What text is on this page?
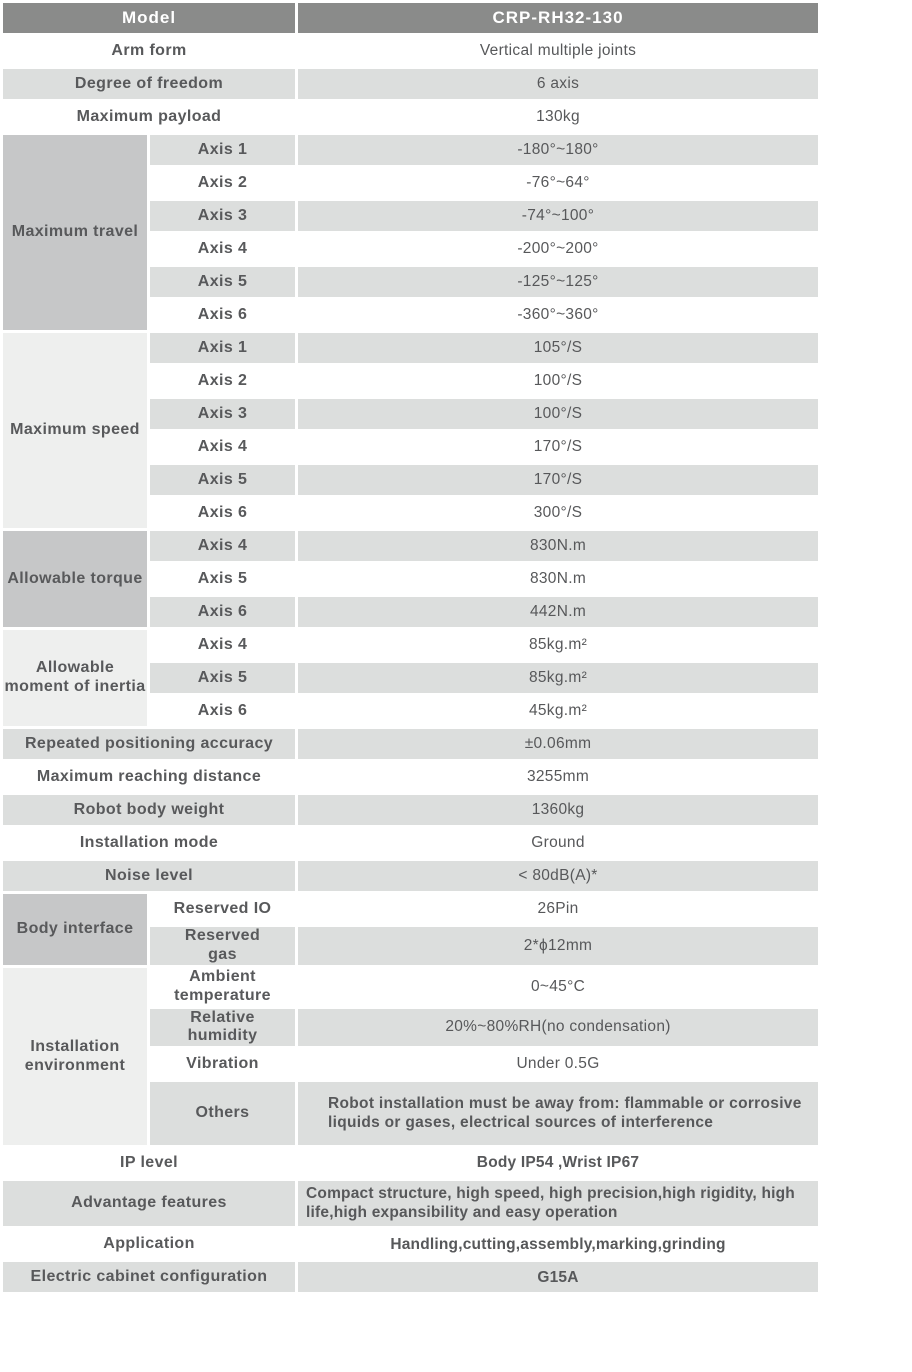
Model		CRP-RH32-130
Arm form		Vertical multiple joints
Degree of freedom		6 axis
Maximum payload		130kg
Maximum travel	Axis 1	-180°~180°
	Axis 2	-76°~64°
	Axis 3	-74°~100°
	Axis 4	-200°~200°
	Axis 5	-125°~125°
	Axis 6	-360°~360°
Maximum speed	Axis 1	105°/S
	Axis 2	100°/S
	Axis 3	100°/S
	Axis 4	170°/S
	Axis 5	170°/S
	Axis 6	300°/S
Allowable torque	Axis 4	830N.m
	Axis 5	830N.m
	Axis 6	442N.m
Allowable moment of inertia	Axis 4	85kg.m²
	Axis 5	85kg.m²
	Axis 6	45kg.m²
Repeated positioning accuracy		±0.06mm
Maximum reaching distance		3255mm
Robot body weight		1360kg
Installation mode		Ground
Noise level		< 80dB(A)*
Body interface	Reserved IO	26Pin
	Reserved gas	2*ϕ12mm
Installation environment	Ambient temperature	0~45°C
	Relative humidity	20%~80%RH(no condensation)
	Vibration	Under 0.5G
	Others	Robot installation must be away from: flammable or corrosive liquids or gases, electrical sources of interference
IP level		Body IP54 ,Wrist IP67
Advantage features		Compact structure, high speed, high precision,high rigidity, high life,high expansibility and easy operation
Application		Handling,cutting,assembly,marking,grinding
Electric cabinet configuration		G15A
